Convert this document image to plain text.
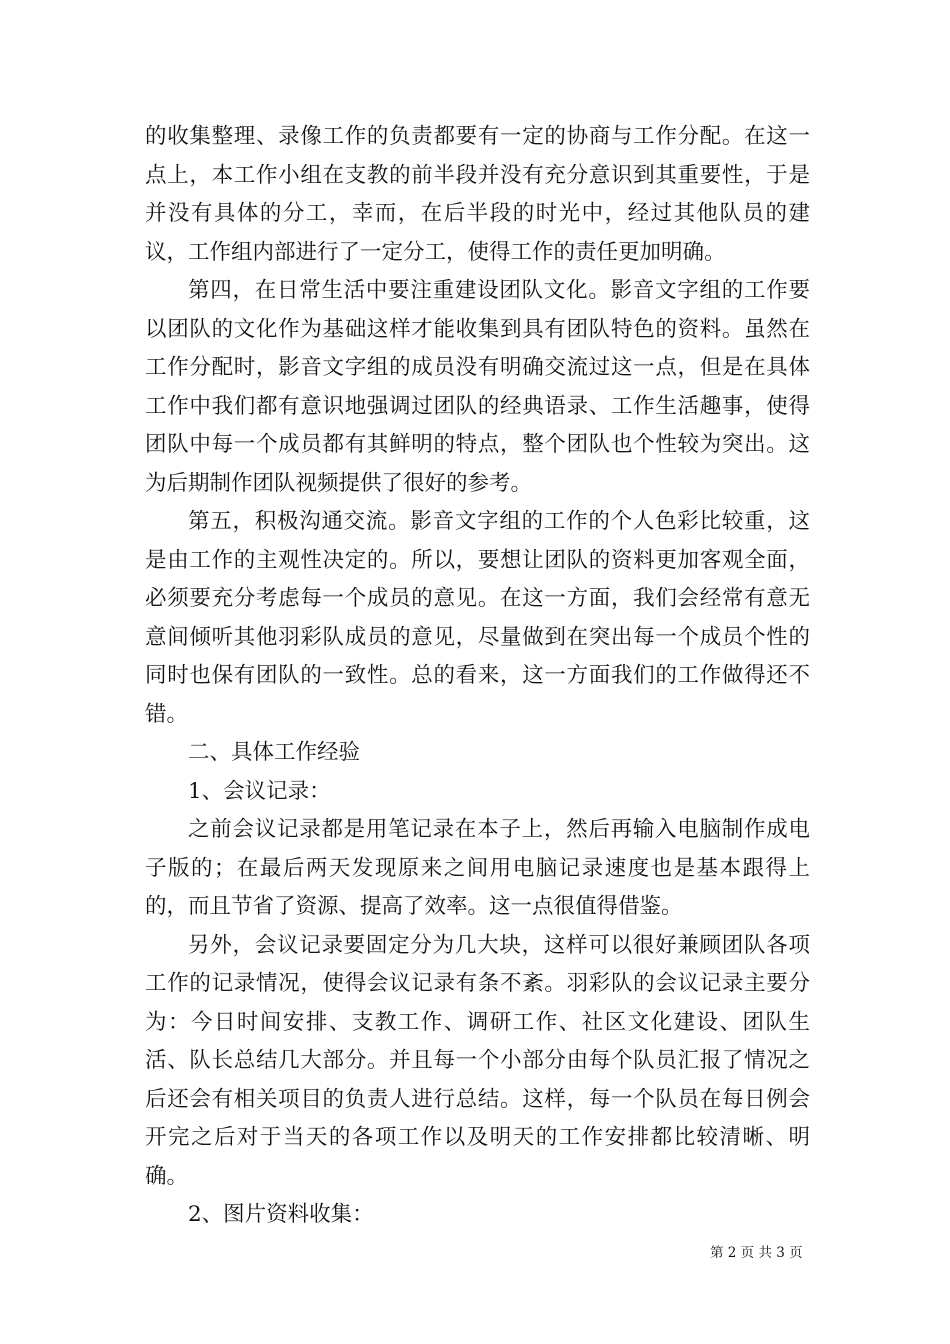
的收集整理、录像工作的负责都要有一定的协商与工作分配。在这一点上，本工作小组在支教的前半段并没有充分意识到其重要性，于是并没有具体的分工，幸而，在后半段的时光中，经过其他队员的建议，工作组内部进行了一定分工，使得工作的责任更加明确。

第四，在日常生活中要注重建设团队文化。影音文字组的工作要以团队的文化作为基础这样才能收集到具有团队特色的资料。虽然在工作分配时，影音文字组的成员没有明确交流过这一点，但是在具体工作中我们都有意识地强调过团队的经典语录、工作生活趣事，使得团队中每一个成员都有其鲜明的特点，整个团队也个性较为突出。这为后期制作团队视频提供了很好的参考。

第五，积极沟通交流。影音文字组的工作的个人色彩比较重，这是由工作的主观性决定的。所以，要想让团队的资料更加客观全面，必须要充分考虑每一个成员的意见。在这一方面，我们会经常有意无意间倾听其他羽彩队成员的意见，尽量做到在突出每一个成员个性的同时也保有团队的一致性。总的看来，这一方面我们的工作做得还不错。

二、具体工作经验

1、会议记录：

之前会议记录都是用笔记录在本子上，然后再输入电脑制作成电子版的；在最后两天发现原来之间用电脑记录速度也是基本跟得上的，而且节省了资源、提高了效率。这一点很值得借鉴。

另外，会议记录要固定分为几大块，这样可以很好兼顾团队各项工作的记录情况，使得会议记录有条不紊。羽彩队的会议记录主要分为：今日时间安排、支教工作、调研工作、社区文化建设、团队生活、队长总结几大部分。并且每一个小部分由每个队员汇报了情况之后还会有相关项目的负责人进行总结。这样，每一个队员在每日例会开完之后对于当天的各项工作以及明天的工作安排都比较清晰、明确。

2、图片资料收集：

第 2 页 共 3 页
